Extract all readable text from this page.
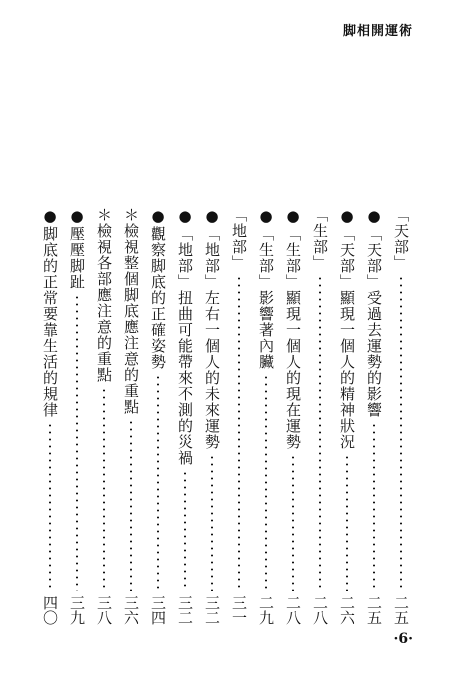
脚相開運術
「天部」
二五
●「天部」受過去運勢的影響
二五
●「天部」顯現一個人的精神狀況
二六
「生部」
二八
●「生部」顯現一個人的現在運勢
二八
●「生部」影響著內臟
二九
「地部」
三一
●「地部」左右一個人的未來運勢
三二
●「地部」扭曲可能帶來不測的災禍
三二
●觀察脚底的正確姿勢
三四
＊檢視整個脚底應注意的重點
三六
＊檢視各部應注意的重點
三八
●壓壓脚趾
三九
●脚底的正常要靠生活的規律
四〇
·6·
